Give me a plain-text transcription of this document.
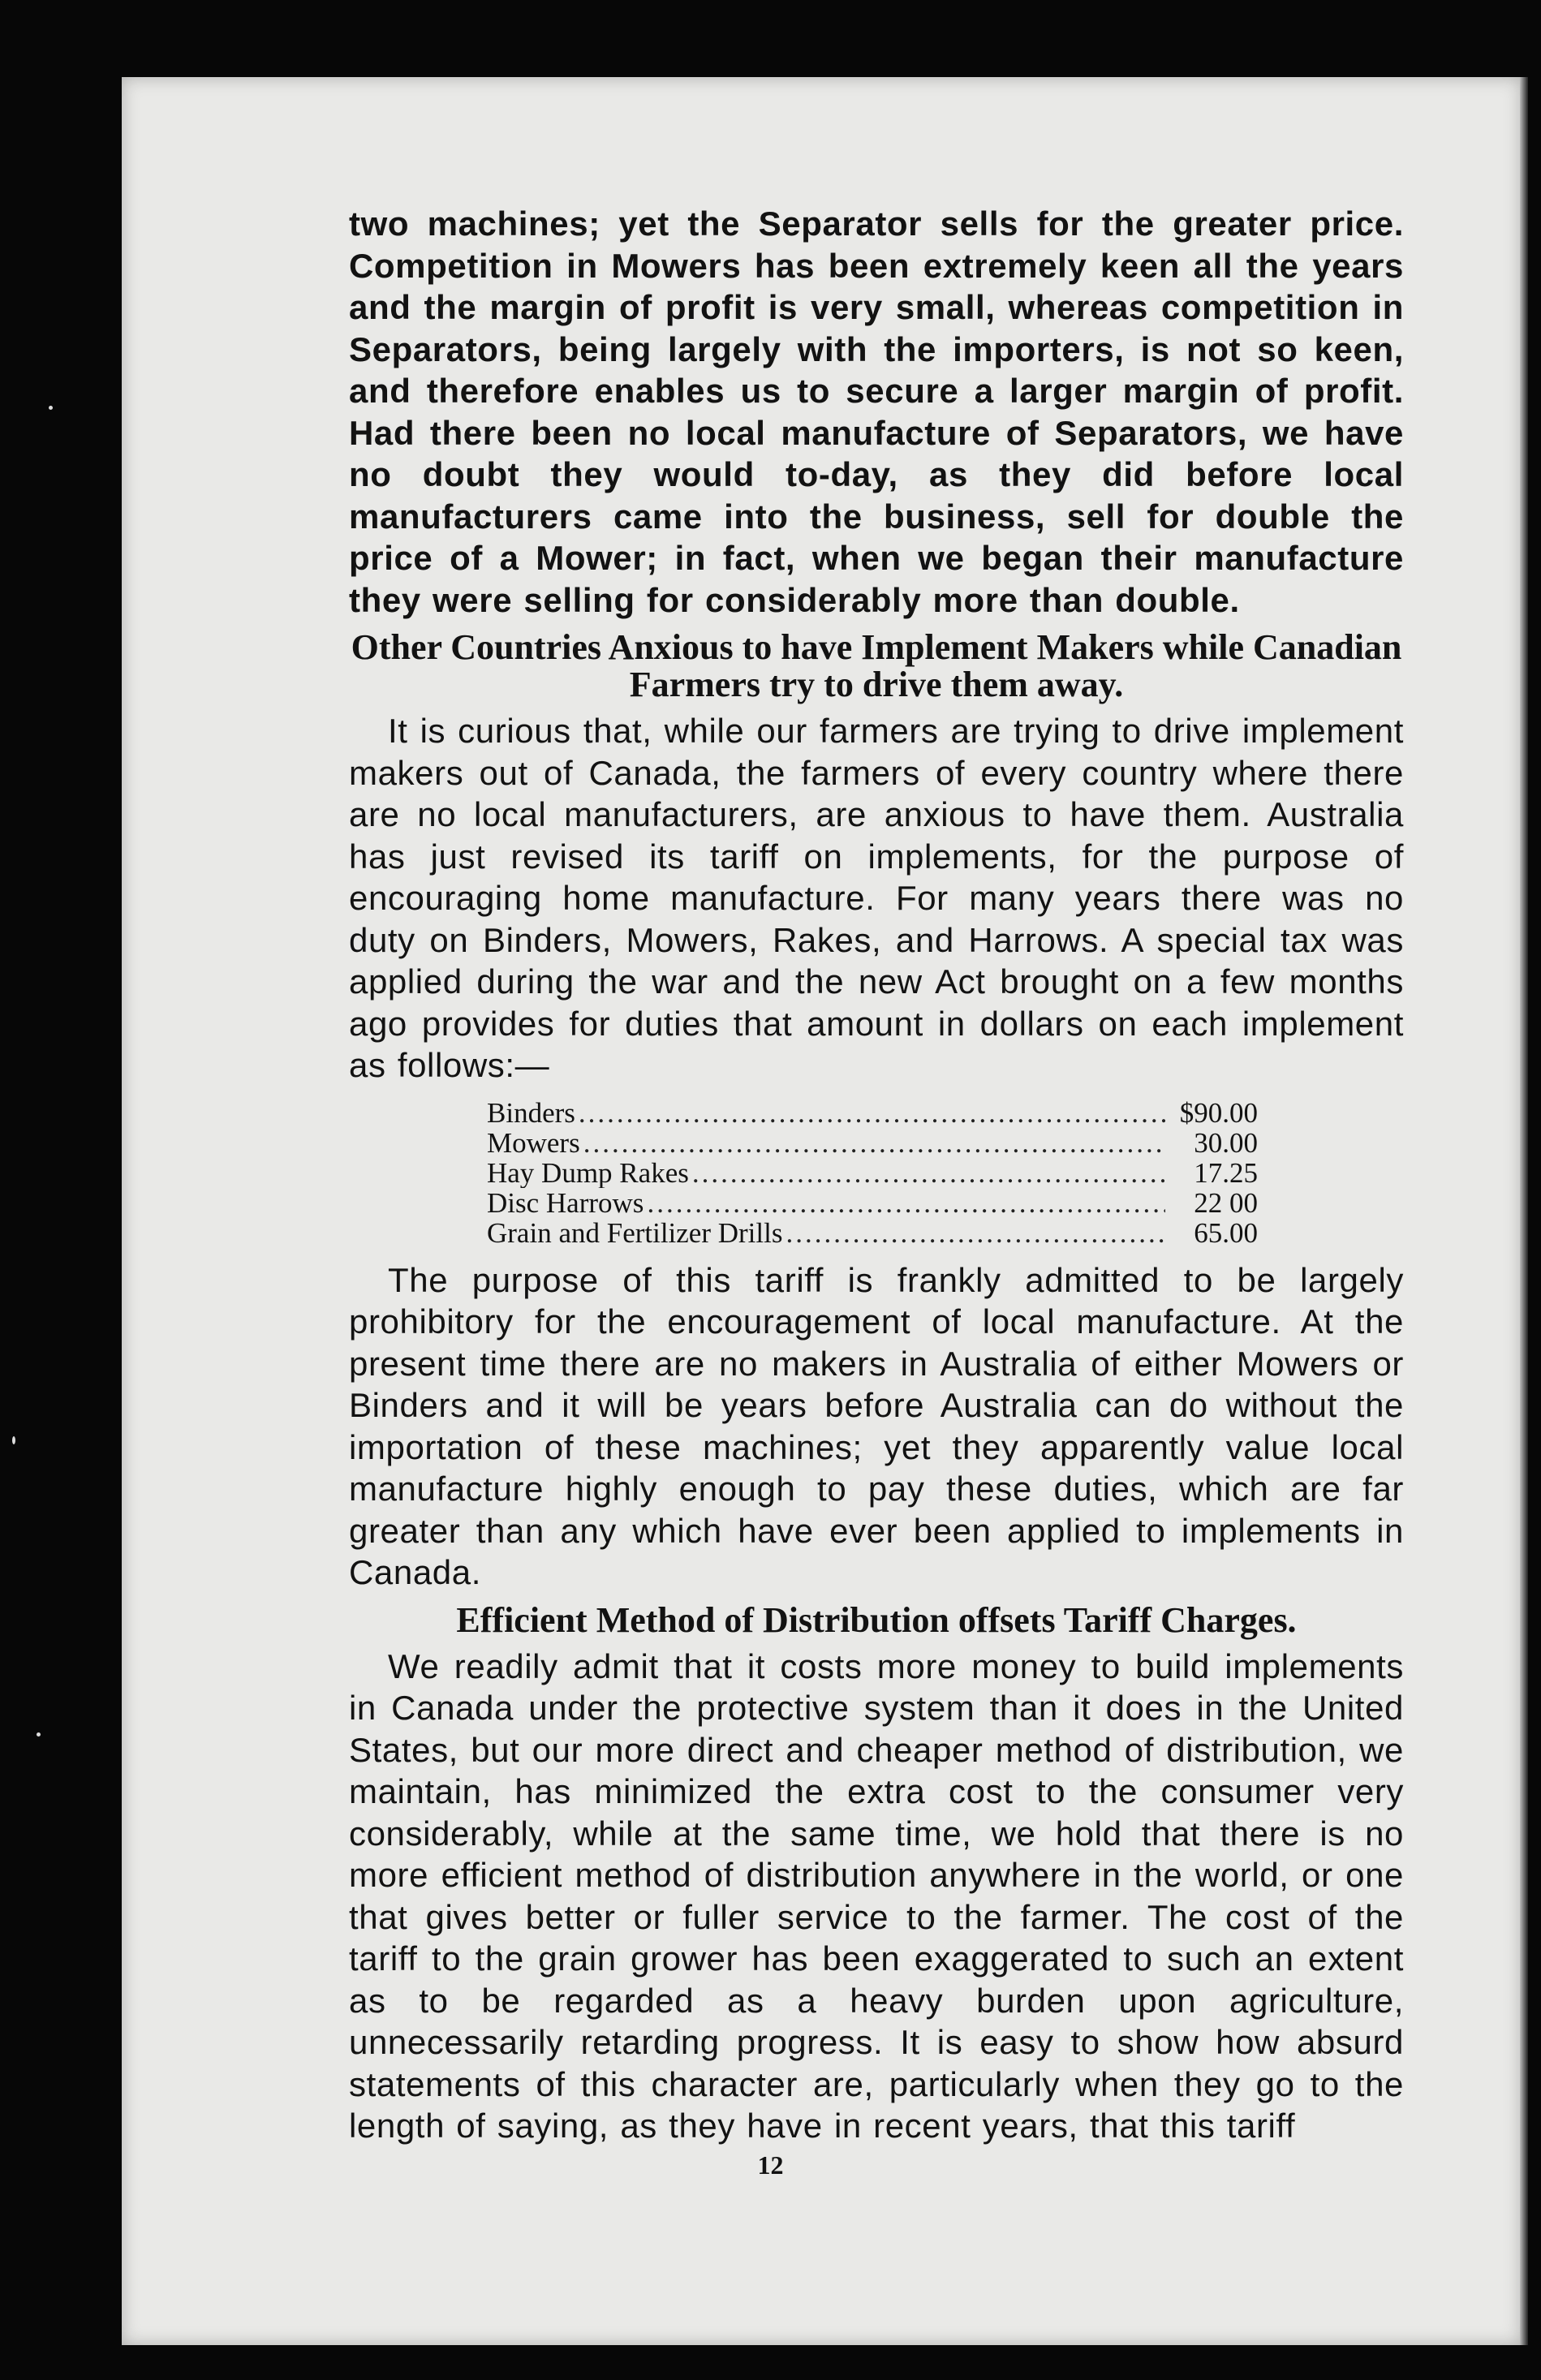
two machines; yet the Separator sells for the greater price. Competition in Mowers has been extremely keen all the years and the margin of profit is very small, whereas competition in Separators, being largely with the importers, is not so keen, and therefore enables us to secure a larger margin of profit. Had there been no local manufacture of Separators, we have no doubt they would to-day, as they did before local manufacturers came into the business, sell for double the price of a Mower; in fact, when we began their manufacture they were selling for considerably more than double.

Other Countries Anxious to have Implement Makers while Canadian Farmers try to drive them away.

It is curious that, while our farmers are trying to drive implement makers out of Canada, the farmers of every country where there are no local manufacturers, are anxious to have them. Australia has just revised its tariff on implements, for the purpose of encouraging home manufacture. For many years there was no duty on Binders, Mowers, Rakes, and Harrows. A special tax was applied during the war and the new Act brought on a few months ago provides for duties that amount in dollars on each implement as follows:—

Binders .....	$90.00
Mowers .....	30.00
Hay Dump Rakes .....	17.25
Disc Harrows .....	22 00
Grain and Fertilizer Drills .....	65.00

The purpose of this tariff is frankly admitted to be largely prohibitory for the encouragement of local manufacture. At the present time there are no makers in Australia of either Mowers or Binders and it will be years before Australia can do without the importation of these machines; yet they apparently value local manufacture highly enough to pay these duties, which are far greater than any which have ever been applied to implements in Canada.

Efficient Method of Distribution offsets Tariff Charges.

We readily admit that it costs more money to build implements in Canada under the protective system than it does in the United States, but our more direct and cheaper method of distribution, we maintain, has minimized the extra cost to the consumer very considerably, while at the same time, we hold that there is no more efficient method of distribution anywhere in the world, or one that gives better or fuller service to the farmer. The cost of the tariff to the grain grower has been exaggerated to such an extent as to be regarded as a heavy burden upon agriculture, unnecessarily retarding progress. It is easy to show how absurd statements of this character are, particularly when they go to the length of saying, as they have in recent years, that this tariff

12
